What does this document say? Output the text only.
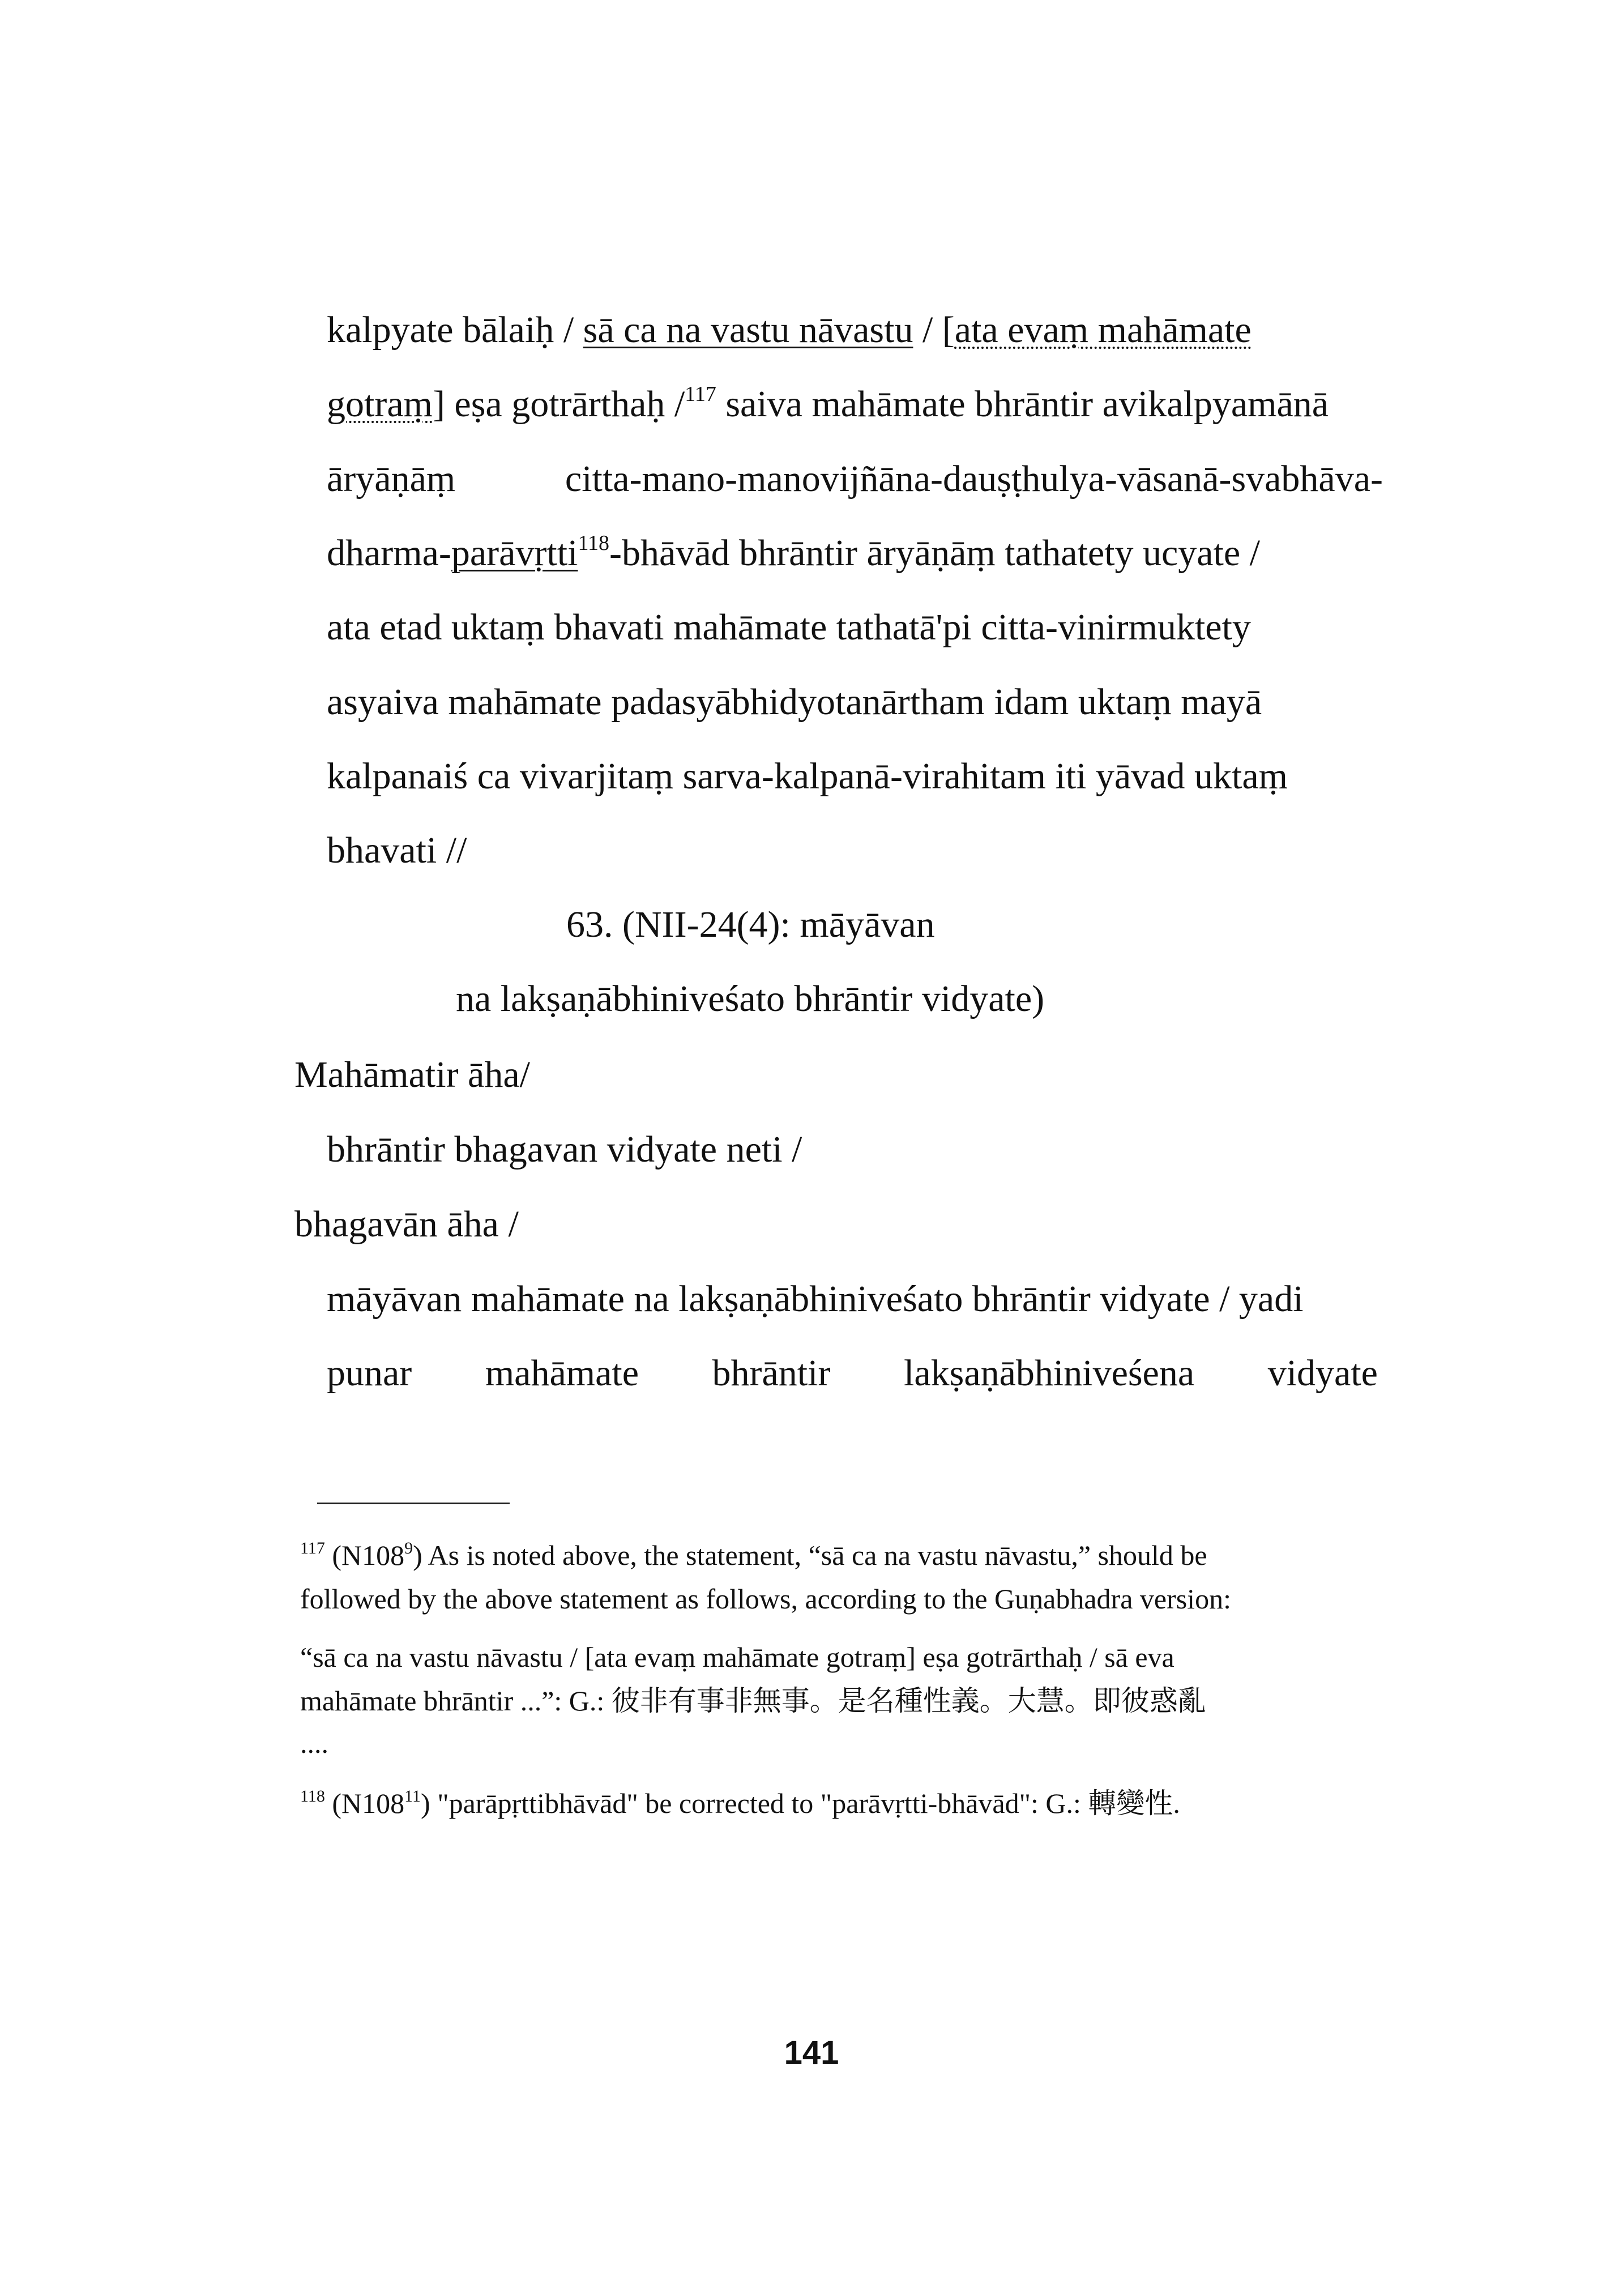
kalpyate bālaiḥ / sā ca na vastu nāvastu / [ata evaṃ mahāmate
gotraṃ] eṣa gotrārthaḥ /$^{117}$ saiva mahāmate bhrāntir avikalpyamānā
āryāṇāṃ	citta-mano-manovijñāna-dauṣṭhulya-vāsanā-svabhāva-
dharma-parāvṛtti$^{118}$-bhāvād bhrāntir āryāṇāṃ tathatety ucyate /
ata etad uktaṃ bhavati mahāmate tathatā'pi citta-vinirmuktety
asyaiva mahāmate padasyābhidyotanārtham idam uktaṃ mayā
kalpanaiś ca vivarjitaṃ sarva-kalpanā-virahitam iti yāvad uktaṃ
bhavati //
63. (NII-24(4): māyāvan
na lakṣaṇābhiniveśato bhrāntir vidyate)
Mahāmatir āha/
bhrāntir bhagavan vidyate neti /
bhagavān āha /
māyāvan mahāmate na lakṣaṇābhiniveśato bhrāntir vidyate / yadi
punar mahāmate bhrāntir lakṣaṇābhiniveśena vidyate
$^{117}$ $(N108^9)$ As is noted above, the statement, “sā ca na vastu nāvastu,” should be
followed by the above statement as follows, according to the Guṇabhadra version:
“sā ca na vastu nāvastu / [ata evaṃ mahāmate gotraṃ] eṣa gotrārthaḥ / sā eva
mahāmate bhrāntir ...”: G.: 彼非有事非無事。是名種性義。大慧。即彼惑亂
....
$^{118}$ $(N108^{11})$ "parāpṛttibhāvād" be corrected to "parāvṛtti-bhāvād": G.: 轉變性.
141
